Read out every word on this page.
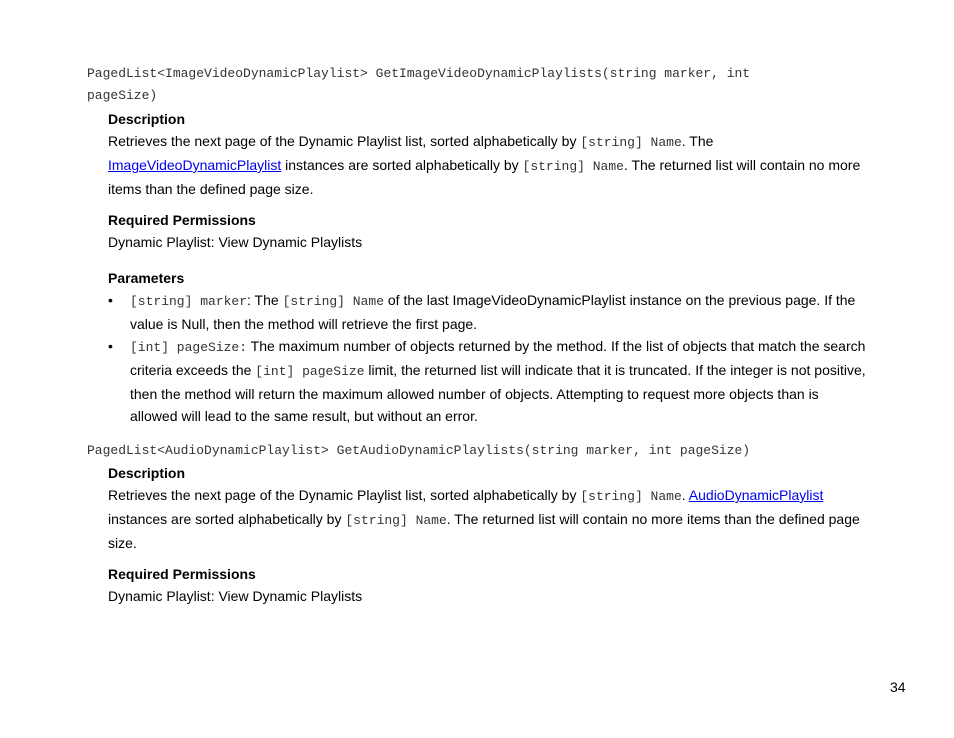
PagedList<ImageVideoDynamicPlaylist> GetImageVideoDynamicPlaylists(string marker, int
pageSize)
Description
Retrieves the next page of the Dynamic Playlist list, sorted alphabetically by [string] Name. The
ImageVideoDynamicPlaylist instances are sorted alphabetically by [string] Name. The returned list will contain no more items than the defined page size.
Required Permissions
Dynamic Playlist: View Dynamic Playlists
Parameters
• [string] marker: The [string] Name of the last ImageVideoDynamicPlaylist instance on the previous page. If the value is Null, then the method will retrieve the first page.
• [int] pageSize: The maximum number of objects returned by the method. If the list of objects that match the search criteria exceeds the [int] pageSize limit, the returned list will indicate that it is truncated. If the integer is not positive, then the method will return the maximum allowed number of objects. Attempting to request more objects than is allowed will lead to the same result, but without an error.
PagedList<AudioDynamicPlaylist> GetAudioDynamicPlaylists(string marker, int pageSize)
Description
Retrieves the next page of the Dynamic Playlist list, sorted alphabetically by [string] Name. AudioDynamicPlaylist
instances are sorted alphabetically by [string] Name. The returned list will contain no more items than the defined page size.
Required Permissions
Dynamic Playlist: View Dynamic Playlists
34
